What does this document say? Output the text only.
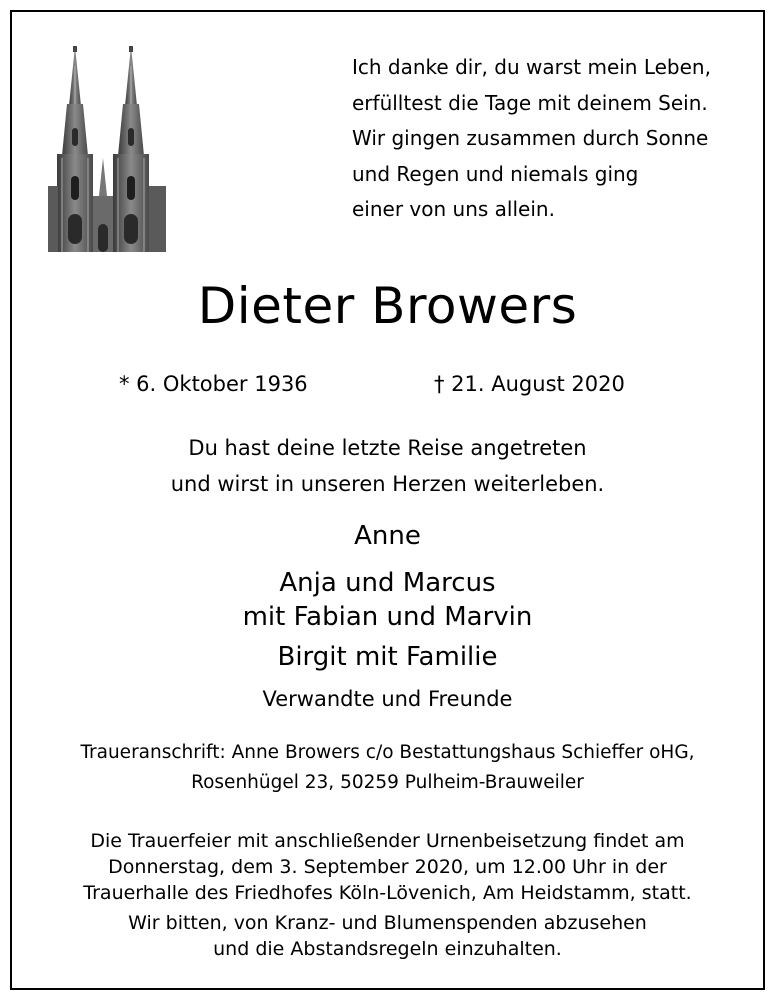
Ich danke dir, du warst mein Leben,
erfülltest die Tage mit deinem Sein.
Wir gingen zusammen durch Sonne
und Regen und niemals ging
einer von uns allein.
Dieter Browers
* 6. Oktober 1936	† 21. August 2020
Du hast deine letzte Reise angetreten
und wirst in unseren Herzen weiterleben.
Anne
Anja und Marcus
mit Fabian und Marvin
Birgit mit Familie
Verwandte und Freunde
Traueranschrift: Anne Browers c/o Bestattungshaus Schieffer oHG,
Rosenhügel 23, 50259 Pulheim-Brauweiler
Die Trauerfeier mit anschließender Urnenbeisetzung findet am
Donnerstag, dem 3. September 2020, um 12.00 Uhr in der
Trauerhalle des Friedhofes Köln-Lövenich, Am Heidstamm, statt.
Wir bitten, von Kranz- und Blumenspenden abzusehen
und die Abstandsregeln einzuhalten.
